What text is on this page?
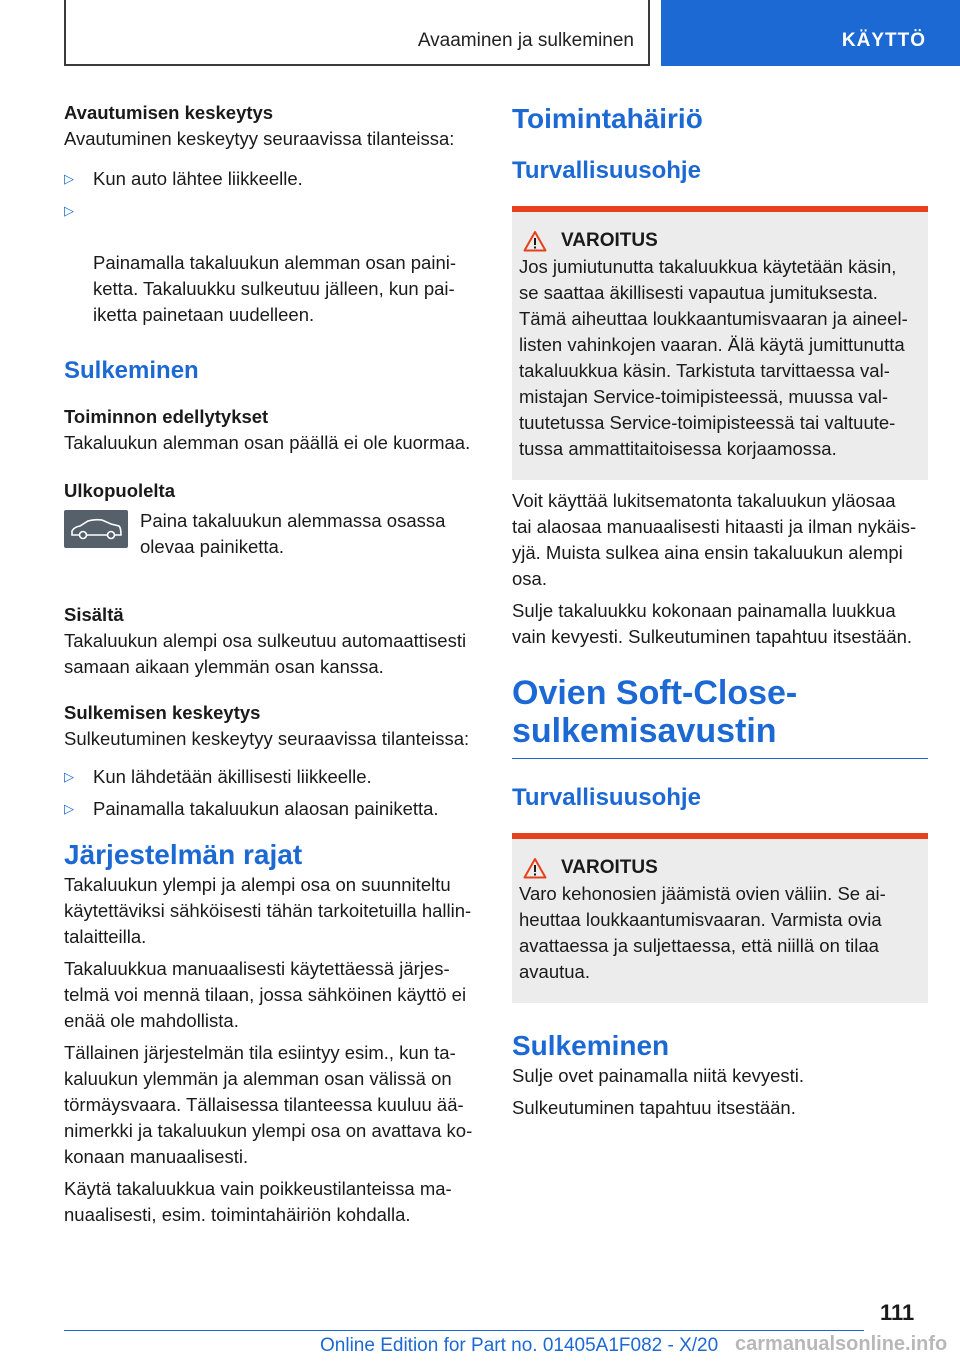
Avaaminen ja sulkeminen	KÄYTTÖ
Avautumisen keskeytys
Avautuminen keskeytyy seuraavissa tilanteissa:
▷ Kun auto lähtee liikkeelle.

▷

Painamalla takaluukun alemman osan paini-
ketta. Takaluukku sulkeutuu jälleen, kun pai-
iketta painetaan uudelleen.

Sulkeminen
Toiminnon edellytykset
Takaluukun alemman osan päällä ei ole kuormaa.
Ulkopuolelta
Paina takaluukun alemmassa osassa
olevaa painiketta.
Sisältä
Takaluukun alempi osa sulkeutuu automaattisesti
samaan aikaan ylemmän osan kanssa.
Sulkemisen keskeytys
Sulkeutuminen keskeytyy seuraavissa tilanteissa:
▷ Kun lähdetään äkillisesti liikkeelle.
▷ Painamalla takaluukun alaosan painiketta.
Järjestelmän rajat
Takaluukun ylempi ja alempi osa on suunniteltu
käytettäviksi sähköisesti tähän tarkoitetuilla hallin-
talaitteilla.
Takaluukkua manuaalisesti käytettäessä järjes-
telmä voi mennä tilaan, jossa sähköinen käyttö ei
enää ole mahdollista.
Tällainen järjestelmän tila esiintyy esim., kun ta-
kaluukun ylemmän ja alemman osan välissä on
törmäysvaara. Tällaisessa tilanteessa kuuluu ää-
nimerkki ja takaluukun ylempi osa on avattava ko-
konaan manuaalisesti.
Käytä takaluukkua vain poikkeustilanteissa ma-
nuaalisesti, esim. toimintahäiriön kohdalla.
Toimintahäiriö
Turvallisuusohje
VAROITUS
Jos jumiutunutta takaluukkua käytetään käsin,
se saattaa äkillisesti vapautua jumituksesta.
Tämä aiheuttaa loukkaantumisvaaran ja aineel-
listen vahinkojen vaaran. Älä käytä jumittunutta
takaluukkua käsin. Tarkistuta tarvittaessa val-
mistajan Service-toimipisteessä, muussa val-
tuutetussa Service-toimipisteessä tai valtuute-
tussa ammattitaitoisessa korjaamossa.
Voit käyttää lukitsematonta takaluukun yläosaa
tai alaosaa manuaalisesti hitaasti ja ilman nykäis-
yjä. Muista sulkea aina ensin takaluukun alempi
osa.
Sulje takaluukku kokonaan painamalla luukkua
vain kevyesti. Sulkeutuminen tapahtuu itsestään.
Ovien Soft-Close-
sulkemisavustin
Turvallisuusohje
VAROITUS
Varo kehonosien jäämistä ovien väliin. Se ai-
heuttaa loukkaantumisvaaran. Varmista ovia
avattaessa ja suljettaessa, että niillä on tilaa
avautua.
Sulkeminen
Sulje ovet painamalla niitä kevyesti.
Sulkeutuminen tapahtuu itsestään.
111
Online Edition for Part no. 01405A1F082 - X/20 carmanualsonline.info
